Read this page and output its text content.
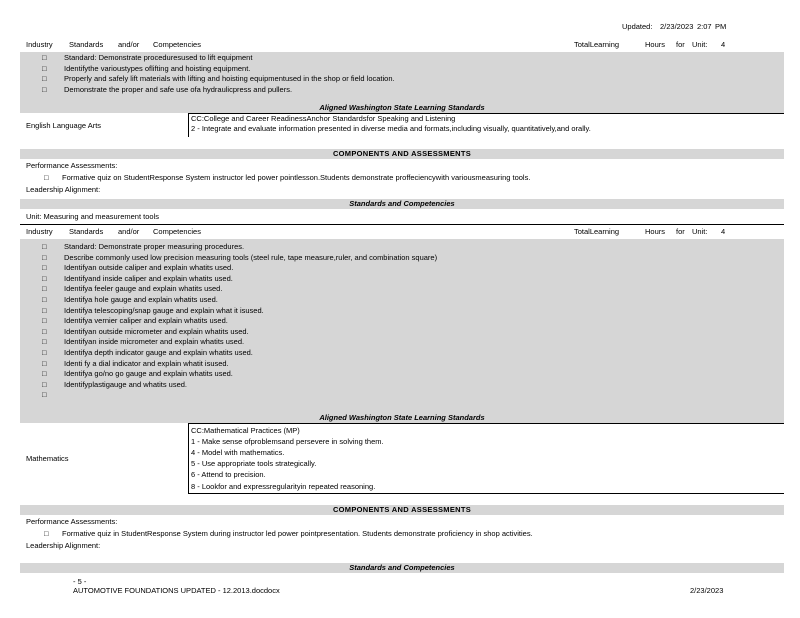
Updated: 2/23/2023 2:07 PM
Industry Standards and/or Competencies	TotalLearning	Hours for Unit: 4
□ Standard: Demonstrate proceduresused to lift equipment
□ Identifythe varioustypes oflifting and hoisting equipment.
□ Properly and safely lift materials with lifting and hoisting equipmentused in the shop or field location.
□ Demonstrate the proper and safe use ofa hydraulicpress and pullers.
Aligned Washington State Learning Standards
English Language Arts
CC:College and Career ReadinessAnchor Standardsfor Speaking and Listening
2 - Integrate and evaluate information presented in diverse media and formats,including visually, quantitatively,and orally.
COMPONENTS AND ASSESSMENTS
Performance Assessments:
□ Formative quiz on StudentResponse System instructor led power pointlesson.Students demonstrate proffeciencywith variousmeasuring tools.
Leadership Alignment:
Standards and Competencies
Unit: Measuring and measurement tools
Industry Standards and/or Competencies	TotalLearning	Hours for Unit: 4
□ Standard: Demonstrate proper measuring procedures.
□ Describe commonly used low precision measuring tools (steel rule, tape measure,ruler, and combination square)
□ Identifyan outside caliper and explain whatits used.
□ Identifyand inside caliper and explain whatits used.
□ Identifya feeler gauge and explain whatits used.
□ Identifya hole gauge and explain whatits used.
□ Identifya telescoping/snap gauge and explain what it isused.
□ Identifya vernier caliper and explain whatits used.
□ Identifyan outside micrometer and explain whatits used.
□ Identifyan inside micrometer and explain whatits used.
□ Identifya depth indicator gauge and explain whatits used.
□ Identi fy a dial indicator and explain whatit isused.
□ Identifya go/no go gauge and explain whatits used.
□ Identifyplastigauge and whatits used.
□
Aligned Washington State Learning Standards
Mathematics
CC:Mathematical Practices (MP)
1 - Make sense ofproblemsand persevere in solving them.
4 - Model with mathematics.
5 - Use appropriate tools strategically.
6 - Attend to precision.
8 - Lookfor and expressregularityin repeated reasoning.
COMPONENTS AND ASSESSMENTS
Performance Assessments:
□ Formative quiz in StudentResponse System during instructor led power pointpresentation. Students demonstrate proficiency in shop activities.
Leadership Alignment:
Standards and Competencies
- 5 -
AUTOMOTIVE FOUNDATIONS UPDATED - 12.2013.docdocx	2/23/2023
